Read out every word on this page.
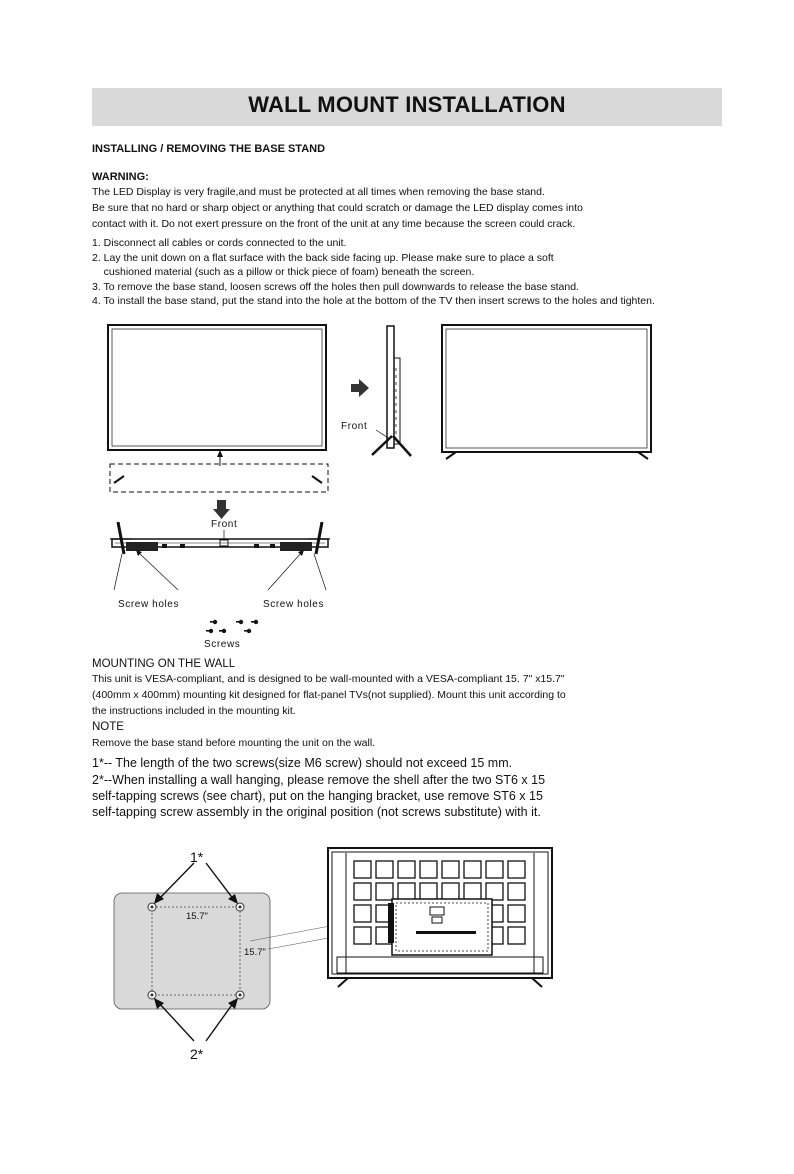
WALL MOUNT INSTALLATION
INSTALLING / REMOVING THE BASE STAND
WARNING:
The LED Display is very fragile,and must be protected at all times when removing the base stand.
Be sure that no hard or sharp object or anything that could scratch or damage the LED display comes into
contact with it. Do not exert pressure on the front of the unit at any time because the screen could crack.
1. Disconnect all cables or cords connected to the unit.
2. Lay the unit down on a flat surface with the back side facing up. Please make sure to place a soft
cushioned material (such as a pillow or thick piece of foam) beneath the screen.
3. To remove the base stand, loosen screws off the holes then pull downwards to release the base stand.
4. To install the base stand, put the stand into the hole at the bottom of the TV then insert screws to the holes and tighten.
Front
Front
Screw holes	Screw holes
Screws
MOUNTING ON THE WALL
This unit is VESA-compliant, and is designed to be wall-mounted with a VESA-compliant 15. 7" x15.7"
(400mm x 400mm) mounting kit designed for flat-panel TVs(not supplied). Mount this unit according to
the instructions included in the mounting kit.
NOTE
Remove the base stand before mounting the unit on the wall.
1*-- The length of the two screws(size M6 screw) should not exceed 15 mm.
2*--When installing a wall hanging, please remove the shell after the two ST6 x 15
self-tapping screws (see chart), put on the hanging bracket, use remove ST6 x 15
self-tapping screw assembly in the original position (not screws substitute) with it.
1*
2*
15.7"
15.7"
